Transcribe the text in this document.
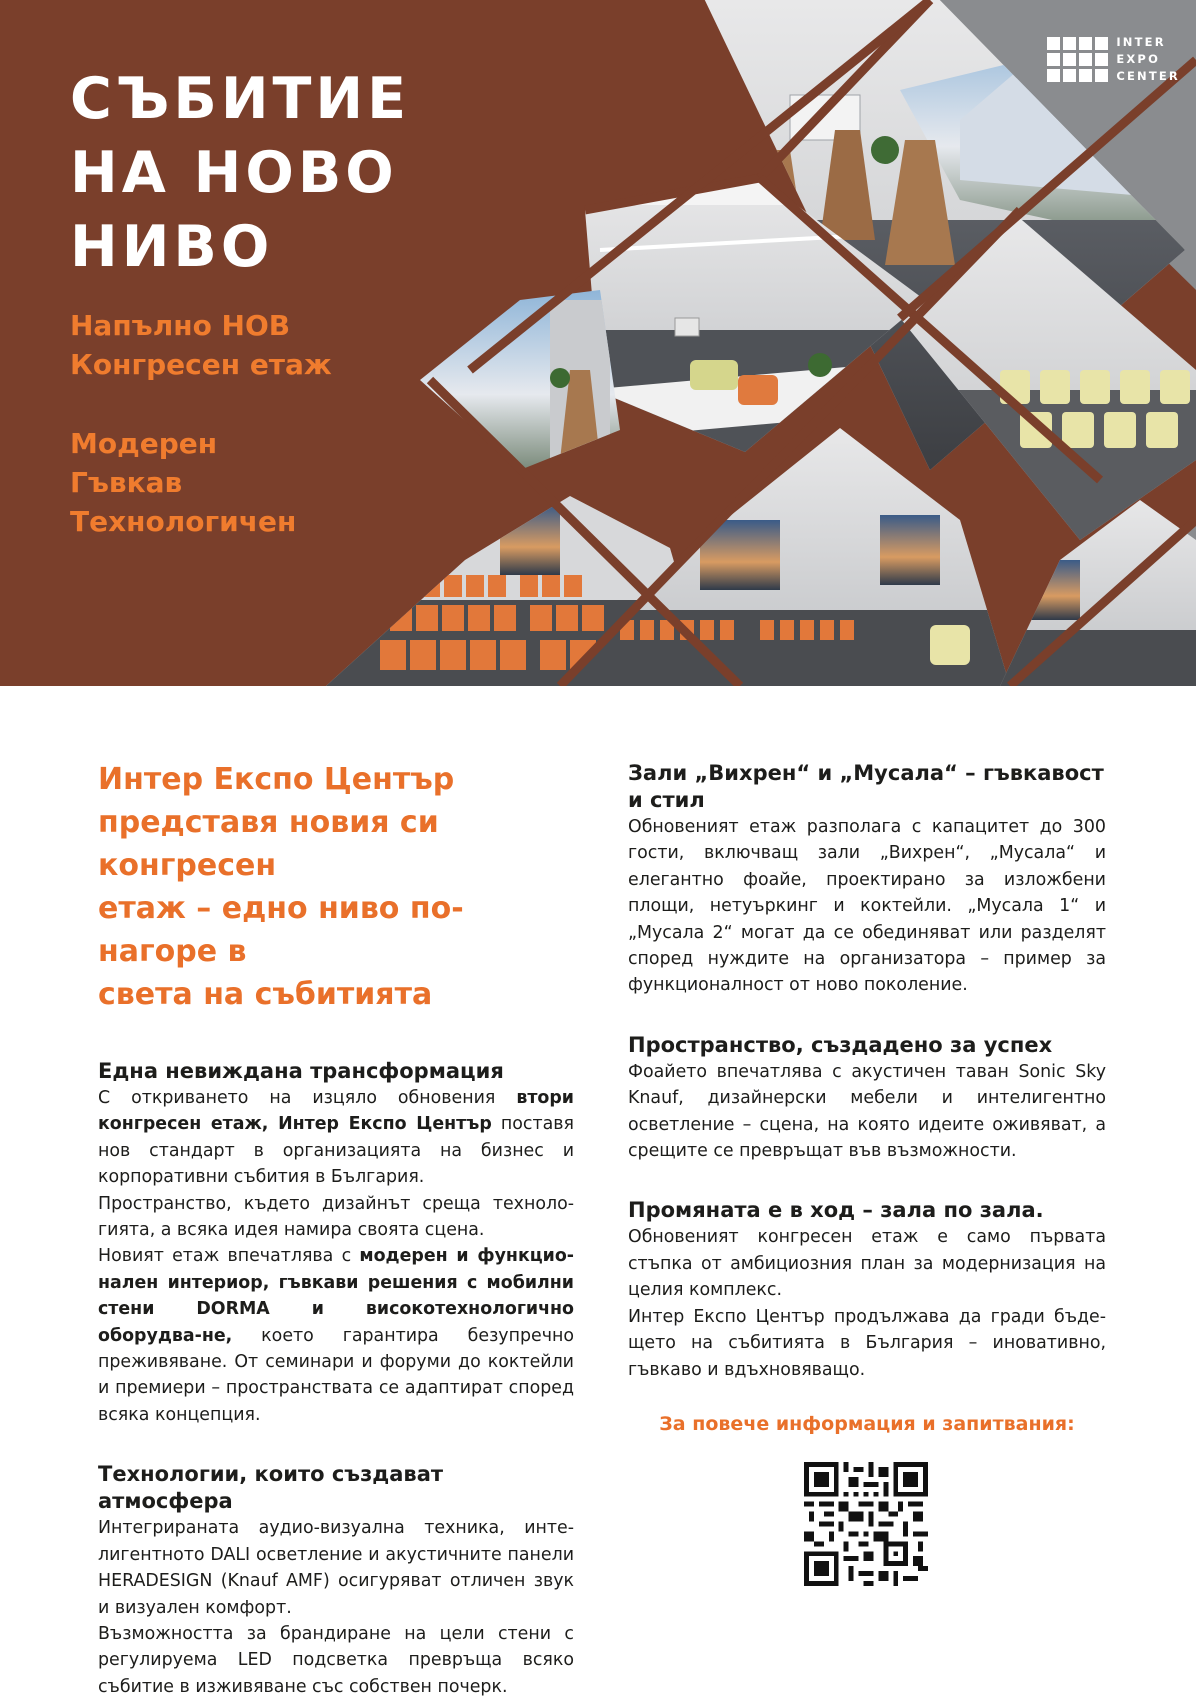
СЪБИТИЕ
НА НОВО
НИВО
Напълно НОВ
Конгресен етаж
Модерен
Гъвкав
Технологичен
INTER
EXPO
CENTER
Интер Експо Център
представя новия си конгресен
етаж – едно ниво по-нагоре в
света на събитията
Една невиждана трансформация

С откриването на изцяло обновения втори конгресен етаж, Интер Експо Център поставя нов стандарт в организацията на бизнес и корпоративни събития в България.

Пространство, където дизайнът среща техноло-гията, а всяка идея намира своята сцена.

Новият етаж впечатлява с модерен и функцио-нален интериор, гъвкави решения с мобилни стени DORMA и високотехнологично оборудва-не, което гарантира безупречно преживяване. От семинари и форуми до коктейли и премиери – пространствата се адаптират според всяка концепция.

Технологии, които създават атмосфера

Интегрираната аудио-визуална техника, инте-лигентното DALI осветление и акустичните панели HERADESIGN (Knauf AMF) осигуряват отличен звук и визуален комфорт.

Възможността за брандиране на цели стени с регулируема LED подсветка превръща всяко събитие в изживяване със собствен почерк.

Зали „Вихрен“ и „Мусала“ – гъвкавост и стил

Обновеният етаж разполага с капацитет до 300 гости, включващ зали „Вихрен“, „Мусала“ и елегантно фоайе, проектирано за изложбени площи, нетуъркинг и коктейли. „Мусала 1“ и „Мусала 2“ могат да се обединяват или разделят според нуждите на организатора – пример за функционалност от ново поколение.

Пространство, създадено за успех

Фоайето впечатлява с акустичен таван Sonic Sky Knauf, дизайнерски мебели и интелигентно осветление – сцена, на която идеите оживяват, а срещите се превръщат във възможности.

Промяната е в ход – зала по зала.

Обновеният конгресен етаж е само първата стъпка от амбициозния план за модернизация на целия комплекс.

Интер Експо Център продължава да гради бъде-щето на събитията в България – иновативно, гъвкаво и вдъхновяващо.

За повече информация и запитвания:
